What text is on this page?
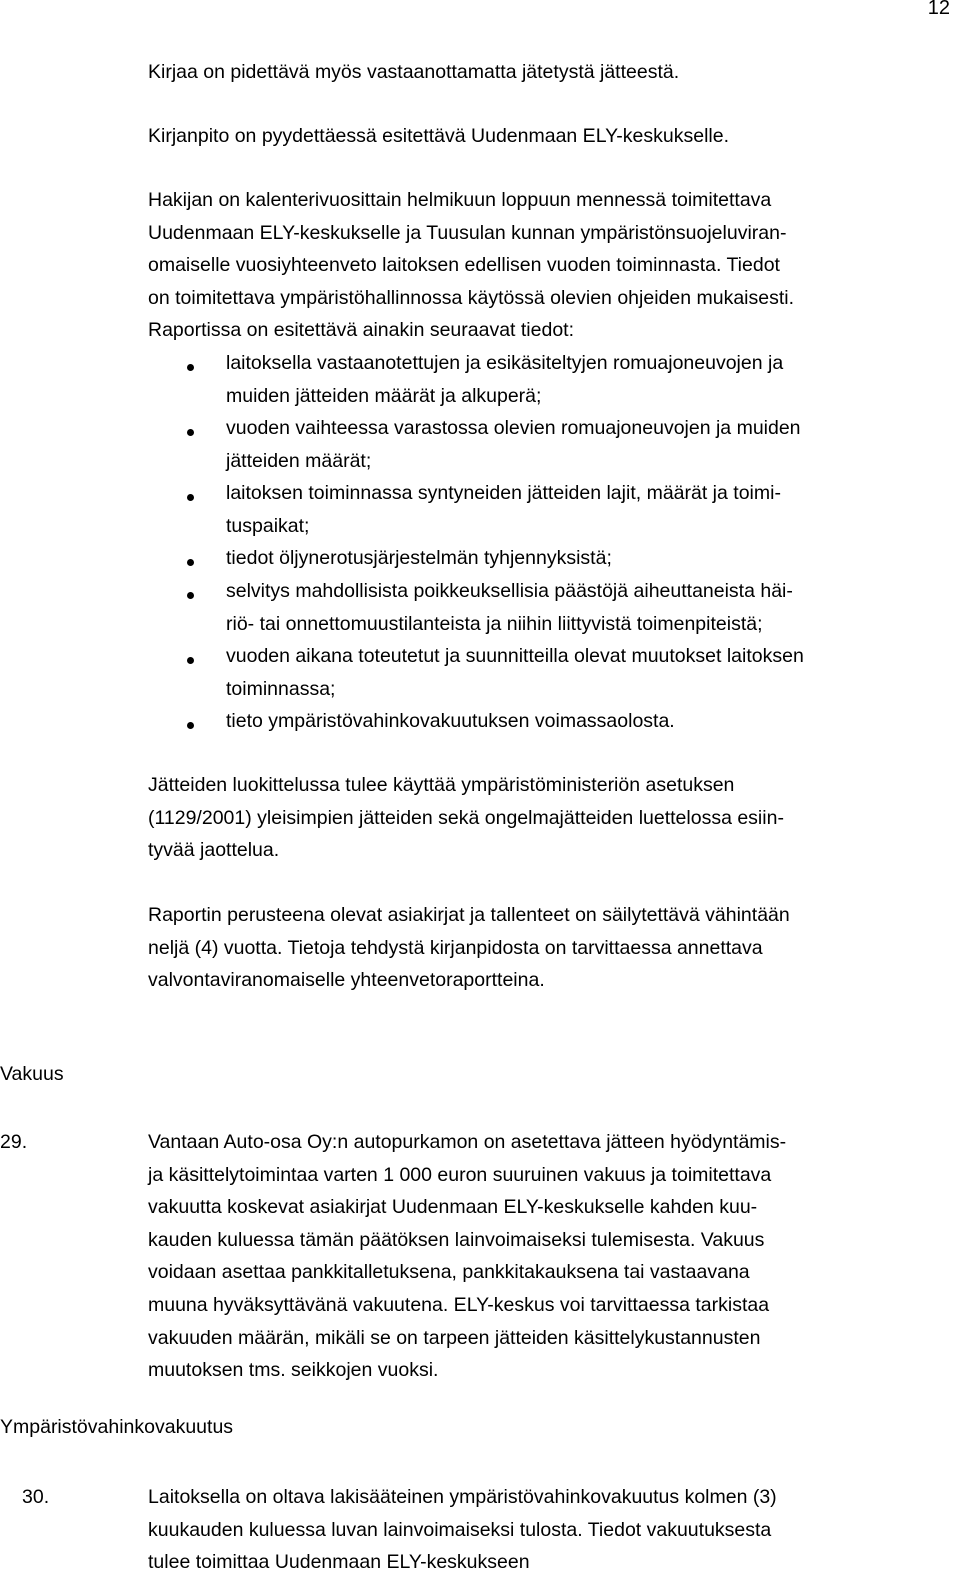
12
Kirjaa on pidettävä myös vastaanottamatta jätetystä jätteestä.
Kirjanpito on pyydettäessä esitettävä Uudenmaan ELY-keskukselle.
Hakijan on kalenterivuosittain helmikuun loppuun mennessä toimitettava
Uudenmaan ELY-keskukselle ja Tuusulan kunnan ympäristönsuojeluviran-
omaiselle vuosiyhteenveto laitoksen edellisen vuoden toiminnasta. Tiedot
on toimitettava ympäristöhallinnossa käytössä olevien ohjeiden mukaisesti.
Raportissa on esitettävä ainakin seuraavat tiedot:
laitoksella vastaanotettujen ja esikäsiteltyjen romuajoneuvojen ja
muiden jätteiden määrät ja alkuperä;
vuoden vaihteessa varastossa olevien romuajoneuvojen ja muiden
jätteiden määrät;
laitoksen toiminnassa syntyneiden jätteiden lajit, määrät ja toimi-
tuspaikat;
tiedot öljynerotusjärjestelmän tyhjennyksistä;
selvitys mahdollisista poikkeuksellisia päästöjä aiheuttaneista häi-
riö- tai onnettomuustilanteista ja niihin liittyvistä toimenpiteistä;
vuoden aikana toteutetut ja suunnitteilla olevat muutokset laitoksen
toiminnassa;
tieto ympäristövahinkovakuutuksen voimassaolosta.
Jätteiden luokittelussa tulee käyttää ympäristöministeriön asetuksen
(1129/2001) yleisimpien jätteiden sekä ongelmajätteiden luettelossa esiin-
tyvää jaottelua.
Raportin perusteena olevat asiakirjat ja tallenteet on säilytettävä vähintään
neljä (4) vuotta. Tietoja tehdystä kirjanpidosta on tarvittaessa annettava
valvontaviranomaiselle yhteenvetoraportteina.
Vakuus
29.	Vantaan Auto-osa Oy:n autopurkamon on asetettava jätteen hyödyntämis-
ja käsittelytoimintaa varten 1 000 euron suuruinen vakuus ja toimitettava
vakuutta koskevat asiakirjat Uudenmaan ELY-keskukselle kahden kuu-
kauden kuluessa tämän päätöksen lainvoimaiseksi tulemisesta. Vakuus
voidaan asettaa pankkitalletuksena, pankkitakauksena tai vastaavana
muuna hyväksyttävänä vakuutena. ELY-keskus voi tarvittaessa tarkistaa
vakuuden määrän, mikäli se on tarpeen jätteiden käsittelykustannusten
muutoksen tms. seikkojen vuoksi.
Ympäristövahinkovakuutus
30.	Laitoksella on oltava lakisääteinen ympäristövahinkovakuutus kolmen (3)
kuukauden kuluessa luvan lainvoimaiseksi tulosta. Tiedot vakuutuksesta
tulee toimittaa Uudenmaan ELY-keskukseen
